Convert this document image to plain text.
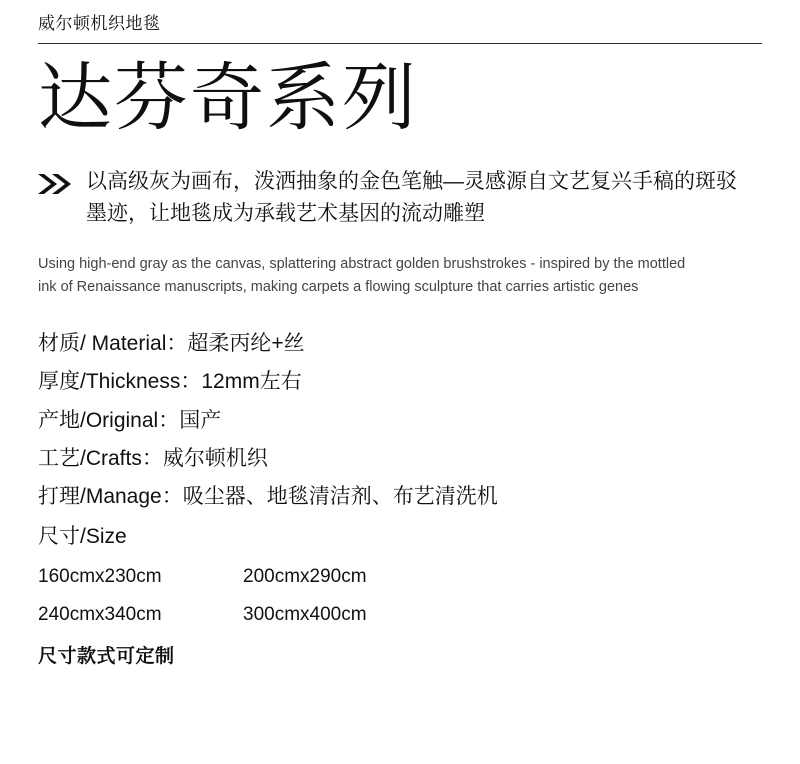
威尔顿机织地毯
达芬奇系列
以高级灰为画布，泼洒抽象的金色笔触—灵感源自文艺复兴手稿的斑驳墨迹，让地毯成为承载艺术基因的流动雕塑
Using high-end gray as the canvas, splattering abstract golden brushstrokes - inspired by the mottled ink of Renaissance manuscripts, making carpets a flowing sculpture that carries artistic genes
材质/ Material：超柔丙纶+丝
厚度/Thickness：12mm左右
产地/Original：国产
工艺/Crafts：威尔顿机织
打理/Manage：吸尘器、地毯清洁剂、布艺清洗机
尺寸/Size
160cmx230cm	200cmx290cm
240cmx340cm	300cmx400cm
尺寸款式可定制
